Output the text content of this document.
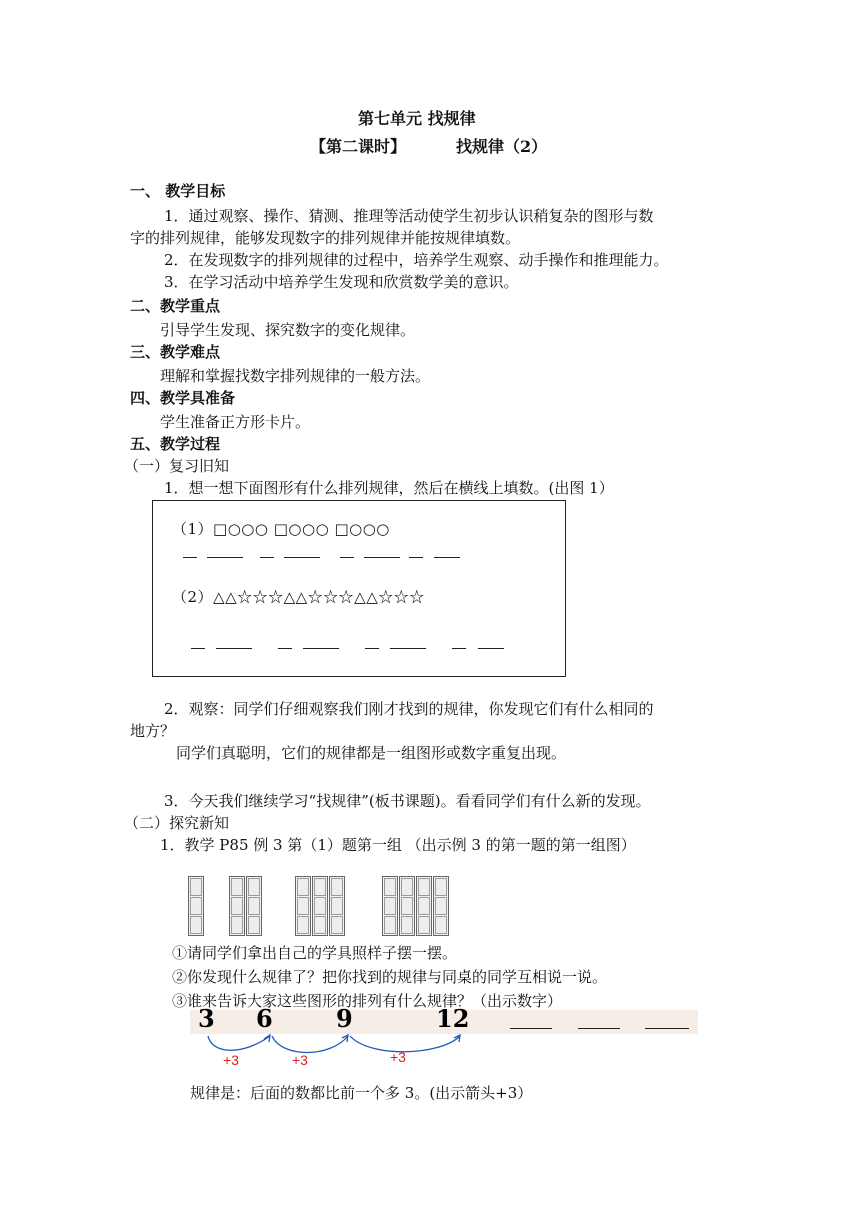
第七单元 找规律
【第二课时】	找规律（2）
一、 教学目标
1．通过观察、操作、猜测、推理等活动使学生初步认识稍复杂的图形与数
字的排列规律，能够发现数字的排列规律并能按规律填数。
2．在发现数字的排列规律的过程中，培养学生观察、动手操作和推理能力。
3．在学习活动中培养学生发现和欣赏数学美的意识。
二、教学重点
引导学生发现、探究数字的变化规律。
三、教学难点
理解和掌握找数字排列规律的一般方法。
四、教学具准备
学生准备正方形卡片。
五、教学过程
（一）复习旧知
1．想一想下面图形有什么排列规律，然后在横线上填数。(出图 1）
（1）□○○○ □○○○ □○○○
（2）△△☆☆☆△△☆☆☆△△☆☆☆
2．观察：同学们仔细观察我们刚才找到的规律，你发现它们有什么相同的
地方？
同学们真聪明，它们的规律都是一组图形或数字重复出现。
3．今天我们继续学习“找规律”(板书课题)。看看同学们有什么新的发现。
（二）探究新知
1．教学 P85 例 3 第（1）题第一组 （出示例 3 的第一题的第一组图）
①请同学们拿出自己的学具照样子摆一摆。
②你发现什么规律了？把你找到的规律与同桌的同学互相说一说。
③谁来告诉大家这些图形的排列有什么规律？（出示数字）
3 6	9	12
+3	+3	+3
规律是：后面的数都比前一个多 3。(出示箭头+3）
